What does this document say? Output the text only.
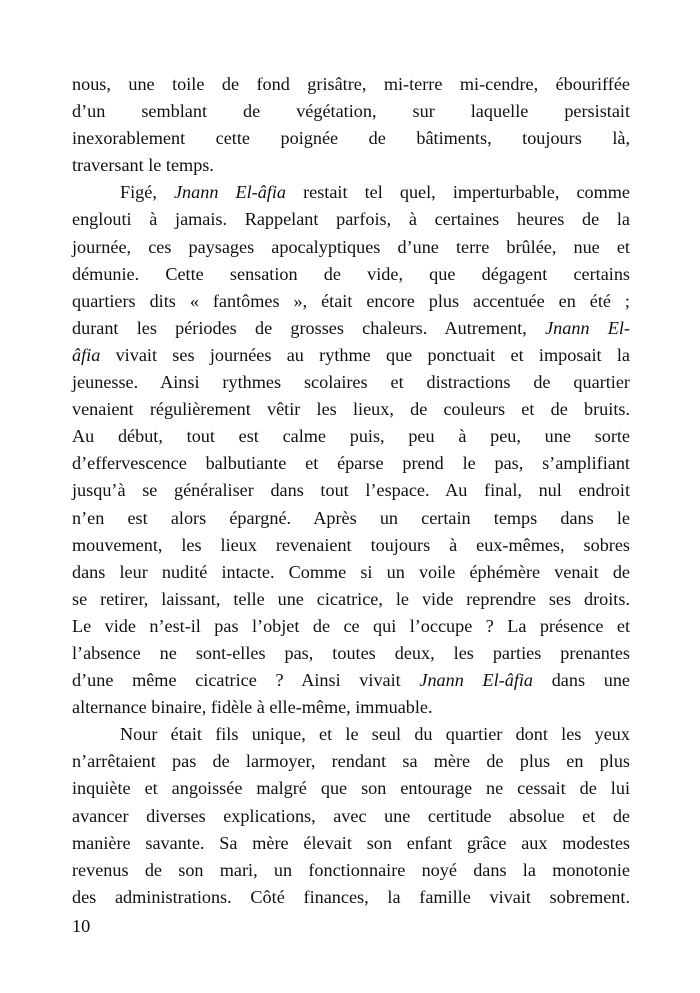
nous, une toile de fond grisâtre, mi-terre mi-cendre, ébouriffée
d’un semblant de végétation, sur laquelle persistait
inexorablement cette poignée de bâtiments, toujours là,
traversant le temps.
Figé, Jnann El-âfia restait tel quel, imperturbable, comme
englouti à jamais. Rappelant parfois, à certaines heures de la
journée, ces paysages apocalyptiques d’une terre brûlée, nue et
démunie. Cette sensation de vide, que dégagent certains
quartiers dits « fantômes », était encore plus accentuée en été ;
durant les périodes de grosses chaleurs. Autrement, Jnann El-
âfia vivait ses journées au rythme que ponctuait et imposait la
jeunesse. Ainsi rythmes scolaires et distractions de quartier
venaient régulièrement vêtir les lieux, de couleurs et de bruits.
Au début, tout est calme puis, peu à peu, une sorte
d’effervescence balbutiante et éparse prend le pas, s’amplifiant
jusqu’à se généraliser dans tout l’espace. Au final, nul endroit
n’en est alors épargné. Après un certain temps dans le
mouvement, les lieux revenaient toujours à eux-mêmes, sobres
dans leur nudité intacte. Comme si un voile éphémère venait de
se retirer, laissant, telle une cicatrice, le vide reprendre ses droits.
Le vide n’est-il pas l’objet de ce qui l’occupe ? La présence et
l’absence ne sont-elles pas, toutes deux, les parties prenantes
d’une même cicatrice ? Ainsi vivait Jnann El-âfia dans une
alternance binaire, fidèle à elle-même, immuable.
Nour était fils unique, et le seul du quartier dont les yeux
n’arrêtaient pas de larmoyer, rendant sa mère de plus en plus
inquiète et angoissée malgré que son entourage ne cessait de lui
avancer diverses explications, avec une certitude absolue et de
manière savante. Sa mère élevait son enfant grâce aux modestes
revenus de son mari, un fonctionnaire noyé dans la monotonie
des administrations. Côté finances, la famille vivait sobrement.
10
